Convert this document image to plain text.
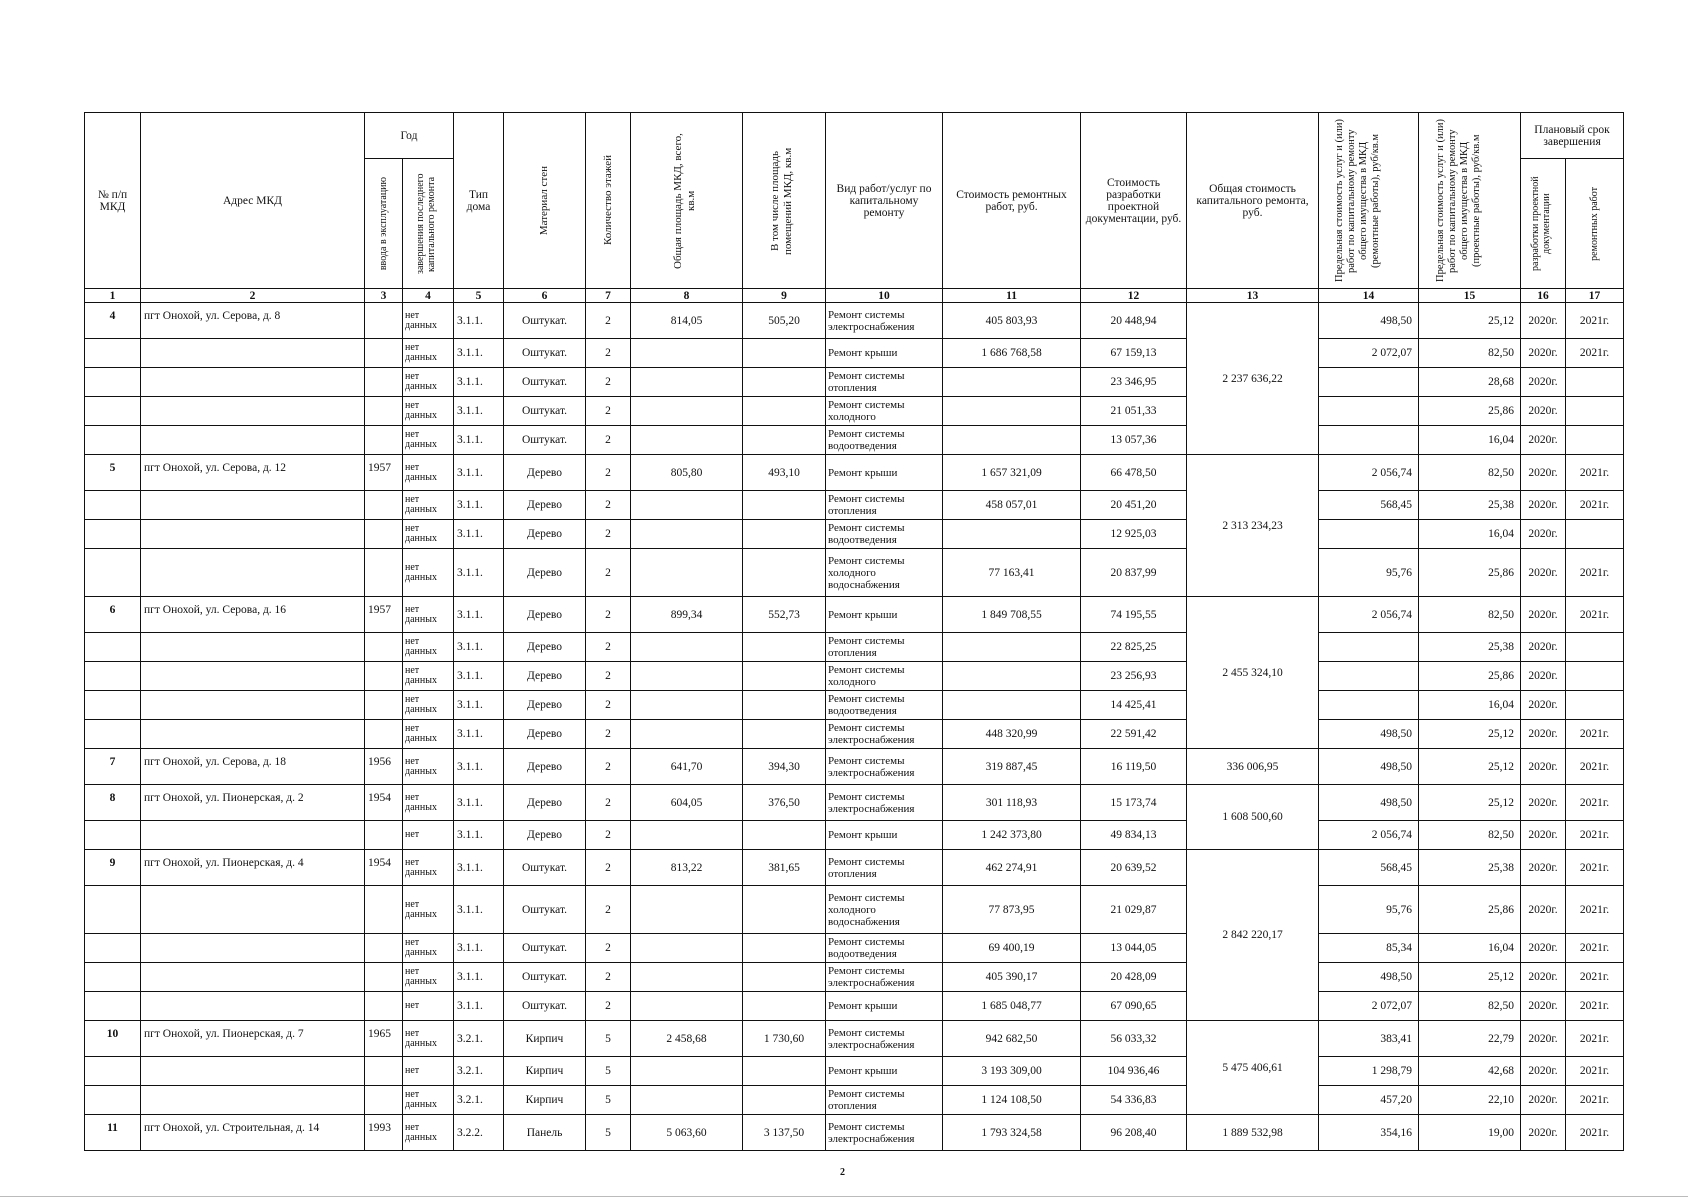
№ п/п МКД	Адрес МКД	Год		Тип дома	Материал стен	Количество этажей	Общая площадь МКД, всего, кв.м	В том числе площадь помещений МКД, кв.м	Вид работ/услуг по капитальному ремонту	Стоимость ремонтных работ, руб.	Стоимость разработки проектной документации, руб.	Общая стоимость капитального ремонта, руб.	Предельная стоимость услуг и (или) работ по капитальному ремонту общего имущества в МКД (ремонтные работы), руб/кв.м	Предельная стоимость услуг и (или) работ по капитальному ремонту общего имущества в МКД (проектные работы), руб/кв.м	Плановый срок завершения	

		ввода в эксплуатацию	завершения последнего капитального ремонта												разработки проектной документации	ремонтных работ

1	2	3	4	5	6	7	8	9	10	11	12	13	14	15	16	17
4	пгт Онохой, ул. Серова, д. 8		нет данных	3.1.1.	Оштукат.	2	814,05	505,20	Ремонт системы электроснабжения	405 803,93	20 448,94	2 237 636,22	498,50	25,12	2020г.	2021г.
			нет данных	3.1.1.	Оштукат.	2			Ремонт крыши	1 686 768,58	67 159,13		2 072,07	82,50	2020г.	2021г.
			нет данных	3.1.1.	Оштукат.	2			Ремонт системы отопления		23 346,95			28,68	2020г.	
			нет данных	3.1.1.	Оштукат.	2			Ремонт системы холодного		21 051,33			25,86	2020г.	
			нет данных	3.1.1.	Оштукат.	2			Ремонт системы водоотведения		13 057,36			16,04	2020г.	
5	пгт Онохой, ул. Серова, д. 12	1957	нет данных	3.1.1.	Дерево	2	805,80	493,10	Ремонт крыши	1 657 321,09	66 478,50	2 313 234,23	2 056,74	82,50	2020г.	2021г.
			нет данных	3.1.1.	Дерево	2			Ремонт системы отопления	458 057,01	20 451,20		568,45	25,38	2020г.	2021г.
			нет данных	3.1.1.	Дерево	2			Ремонт системы водоотведения		12 925,03			16,04	2020г.	
			нет данных	3.1.1.	Дерево	2			Ремонт системы холодного водоснабжения	77 163,41	20 837,99		95,76	25,86	2020г.	2021г.
6	пгт Онохой, ул. Серова, д. 16	1957	нет данных	3.1.1.	Дерево	2	899,34	552,73	Ремонт крыши	1 849 708,55	74 195,55	2 455 324,10	2 056,74	82,50	2020г.	2021г.
			нет данных	3.1.1.	Дерево	2			Ремонт системы отопления		22 825,25			25,38	2020г.	
			нет данных	3.1.1.	Дерево	2			Ремонт системы холодного		23 256,93			25,86	2020г.	
			нет данных	3.1.1.	Дерево	2			Ремонт системы водоотведения		14 425,41			16,04	2020г.	
			нет данных	3.1.1.	Дерево	2			Ремонт системы электроснабжения	448 320,99	22 591,42		498,50	25,12	2020г.	2021г.
7	пгт Онохой, ул. Серова, д. 18	1956	нет данных	3.1.1.	Дерево	2	641,70	394,30	Ремонт системы электроснабжения	319 887,45	16 119,50	336 006,95	498,50	25,12	2020г.	2021г.
8	пгт Онохой, ул. Пионерская, д. 2	1954	нет данных	3.1.1.	Дерево	2	604,05	376,50	Ремонт системы электроснабжения	301 118,93	15 173,74	1 608 500,60	498,50	25,12	2020г.	2021г.
			нет	3.1.1.	Дерево	2			Ремонт крыши	1 242 373,80	49 834,13		2 056,74	82,50	2020г.	2021г.
9	пгт Онохой, ул. Пионерская, д. 4	1954	нет данных	3.1.1.	Оштукат.	2	813,22	381,65	Ремонт системы отопления	462 274,91	20 639,52	2 842 220,17	568,45	25,38	2020г.	2021г.
			нет данных	3.1.1.	Оштукат.	2			Ремонт системы холодного водоснабжения	77 873,95	21 029,87		95,76	25,86	2020г.	2021г.
			нет данных	3.1.1.	Оштукат.	2			Ремонт системы водоотведения	69 400,19	13 044,05		85,34	16,04	2020г.	2021г.
			нет данных	3.1.1.	Оштукат.	2			Ремонт системы электроснабжения	405 390,17	20 428,09		498,50	25,12	2020г.	2021г.
			нет	3.1.1.	Оштукат.	2			Ремонт крыши	1 685 048,77	67 090,65		2 072,07	82,50	2020г.	2021г.
10	пгт Онохой, ул. Пионерская, д. 7	1965	нет данных	3.2.1.	Кирпич	5	2 458,68	1 730,60	Ремонт системы электроснабжения	942 682,50	56 033,32	5 475 406,61	383,41	22,79	2020г.	2021г.
			нет	3.2.1.	Кирпич	5			Ремонт крыши	3 193 309,00	104 936,46		1 298,79	42,68	2020г.	2021г.
			нет данных	3.2.1.	Кирпич	5			Ремонт системы отопления	1 124 108,50	54 336,83		457,20	22,10	2020г.	2021г.
11	пгт Онохой, ул. Строительная, д. 14	1993	нет данных	3.2.2.	Панель	5	5 063,60	3 137,50	Ремонт системы электроснабжения	1 793 324,58	96 208,40	1 889 532,98	354,16	19,00	2020г.	2021г.
2
